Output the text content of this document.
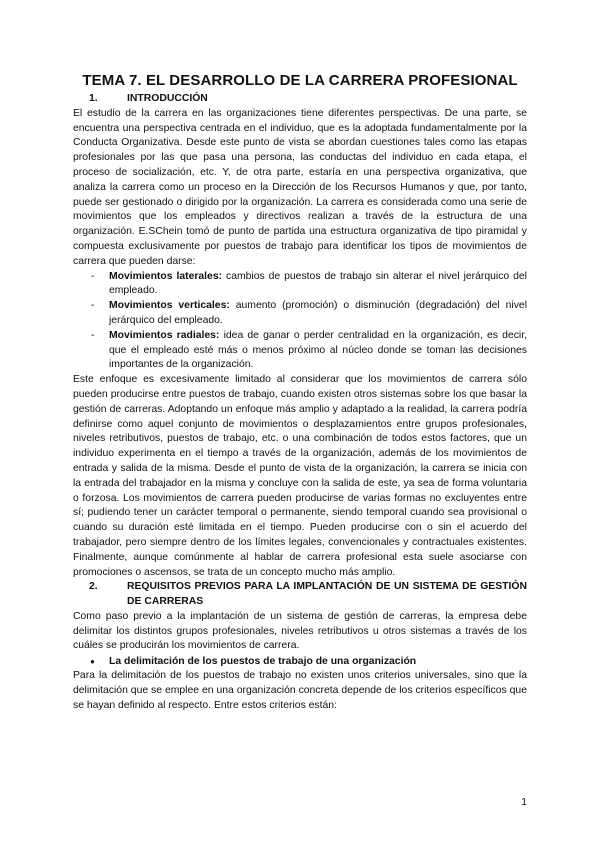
TEMA 7. EL DESARROLLO DE LA CARRERA PROFESIONAL
1.	INTRODUCCIÓN

El estudio de la carrera en las organizaciones tiene diferentes perspectivas. De una parte, se encuentra una perspectiva centrada en el individuo, que es la adoptada fundamentalmente por la Conducta Organizativa. Desde este punto de vista se abordan cuestiones tales como las etapas profesionales por las que pasa una persona, las conductas del individuo en cada etapa, el proceso de socialización, etc. Y, de otra parte, estaría en una perspectiva organizativa, que analiza la carrera como un proceso en la Dirección de los Recursos Humanos y que, por tanto, puede ser gestionado o dirigido por la organización. La carrera es considerada como una serie de movimientos que los empleados y directivos realizan a través de la estructura de una organización. E.SChein tomó de punto de partida una estructura organizativa de tipo piramidal y compuesta exclusivamente por puestos de trabajo para identificar los tipos de movimientos de carrera que pueden darse:

-	Movimientos laterales: cambios de puestos de trabajo sin alterar el nivel jerárquico del empleado.
-	Movimientos verticales: aumento (promoción) o disminución (degradación) del nivel jerárquico del empleado.
-	Movimientos radiales: idea de ganar o perder centralidad en la organización, es decir, que el empleado esté más o menos próximo al núcleo donde se toman las decisiones importantes de la organización.

Este enfoque es excesivamente limitado al considerar que los movimientos de carrera sólo pueden producirse entre puestos de trabajo, cuando existen otros sistemas sobre los que basar la gestión de carreras. Adoptando un enfoque más amplio y adaptado a la realidad, la carrera podría definirse como aquel conjunto de movimientos o desplazamientos entre grupos profesionales, niveles retributivos, puestos de trabajo, etc. o una combinación de todos estos factores, que un individuo experimenta en el tiempo a través de la organización, además de los movimientos de entrada y salida de la misma. Desde el punto de vista de la organización, la carrera se inicia con la entrada del trabajador en la misma y concluye con la salida de este, ya sea de forma voluntaria o forzosa. Los movimientos de carrera pueden producirse de varias formas no excluyentes entre sí; pudiendo tener un carácter temporal o permanente, siendo temporal cuando sea provisional o cuando su duración esté limitada en el tiempo. Pueden producirse con o sin el acuerdo del trabajador, pero siempre dentro de los límites legales, convencionales y contractuales existentes. Finalmente, aunque comúnmente al hablar de carrera profesional esta suele asociarse con promociones o ascensos, se trata de un concepto mucho más amplio.

2.	REQUISITOS PREVIOS PARA LA IMPLANTACIÓN DE UN SISTEMA DE GESTIÓN DE CARRERAS

Como paso previo a la implantación de un sistema de gestión de carreras, la empresa debe delimitar los distintos grupos profesionales, niveles retributivos u otros sistemas a través de los cuáles se producirán los movimientos de carrera.

●	La delimitación de los puestos de trabajo de una organización

Para la delimitación de los puestos de trabajo no existen unos criterios universales, sino que la delimitación que se emplee en una organización concreta depende de los criterios específicos que se hayan definido al respecto. Entre estos criterios están:

1
